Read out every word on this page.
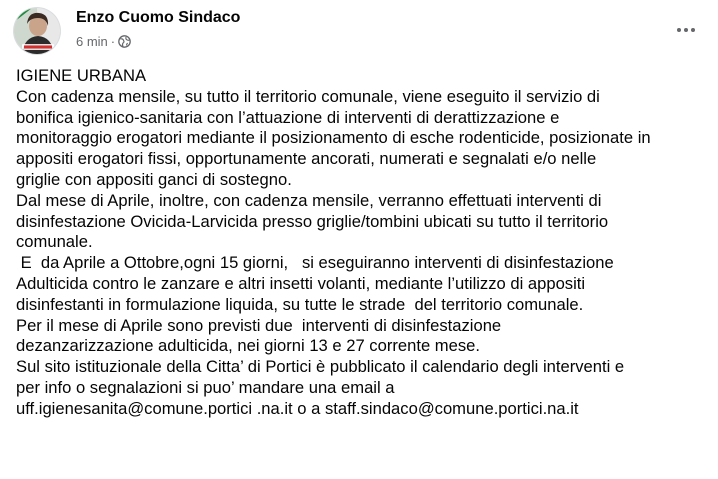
Enzo Cuomo Sindaco
6 min ·

IGIENE URBANA

Con cadenza mensile, su tutto il territorio comunale, viene eseguito il servizio di

bonifica igienico-sanitaria con l’attuazione di interventi di derattizzazione e

monitoraggio erogatori mediante il posizionamento di esche rodenticide, posizionate in

appositi erogatori fissi, opportunamente ancorati, numerati e segnalati e/o nelle

griglie con appositi ganci di sostegno.

Dal mese di Aprile, inoltre, con cadenza mensile, verranno effettuati interventi di

disinfestazione Ovicida-Larvicida presso griglie/tombini ubicati su tutto il territorio

comunale.

E  da Aprile a Ottobre,ogni 15 giorni,   si eseguiranno interventi di disinfestazione

Adulticida contro le zanzare e altri insetti volanti, mediante l’utilizzo di appositi

disinfestanti in formulazione liquida, su tutte le strade  del territorio comunale.

Per il mese di Aprile sono previsti due  interventi di disinfestazione

dezanzarizzazione adulticida, nei giorni 13 e 27 corrente mese.

Sul sito istituzionale della Citta’ di Portici è pubblicato il calendario degli interventi e

per info o segnalazioni si puo’ mandare una email a

uff.igienesanita@comune.portici .na.it o a staff.sindaco@comune.portici.na.it
